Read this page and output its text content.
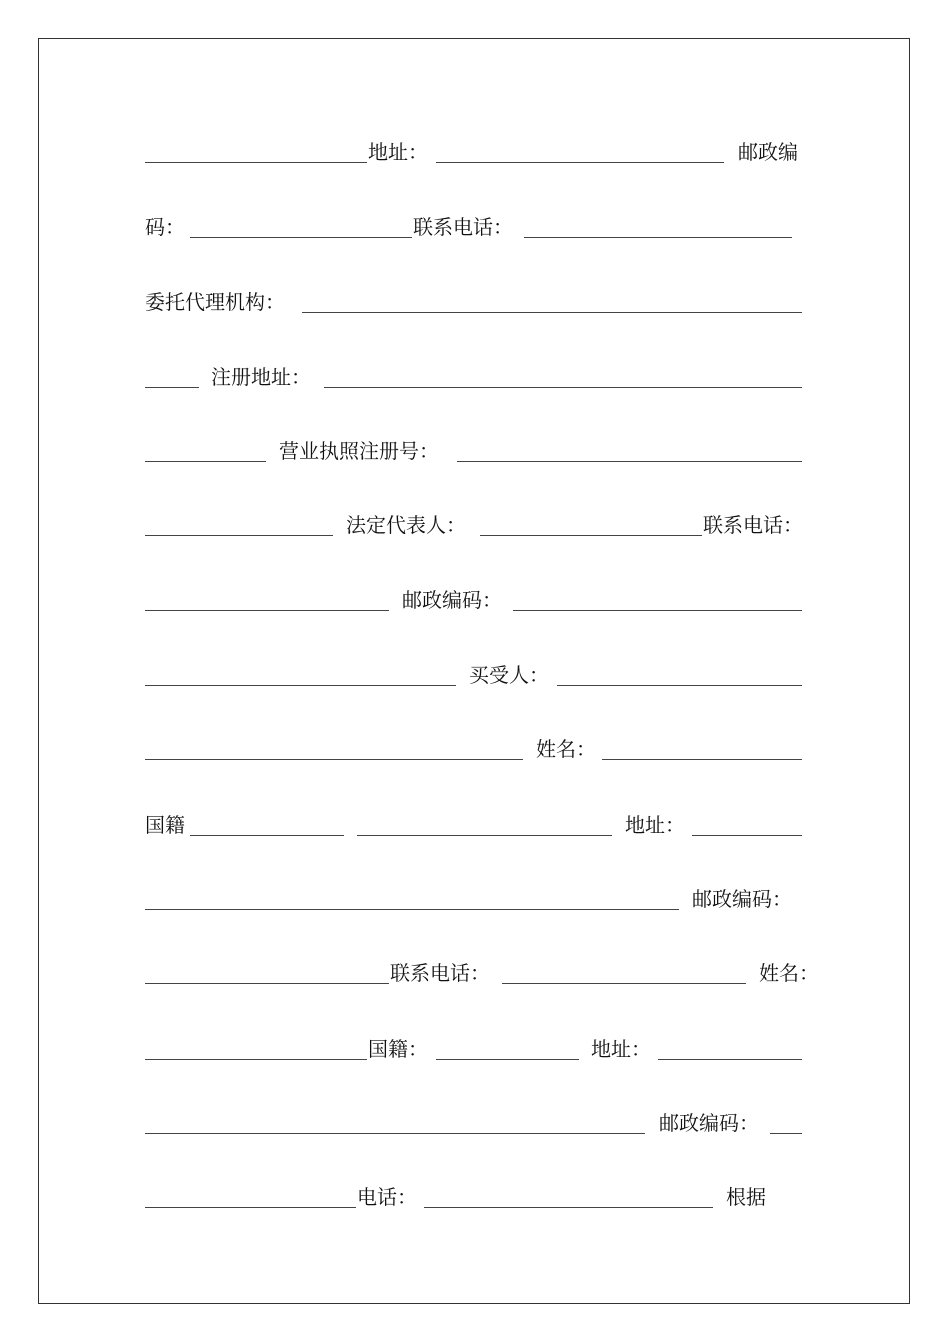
地址：	邮政编
码：	联系电话：
委托代理机构：
注册地址：
营业执照注册号：
法定代表人：	联系电话：
邮政编码：
买受人：
姓名：
国籍	地址：
邮政编码：
联系电话：	姓名：
国籍：	地址：
邮政编码：
电话：	根据
